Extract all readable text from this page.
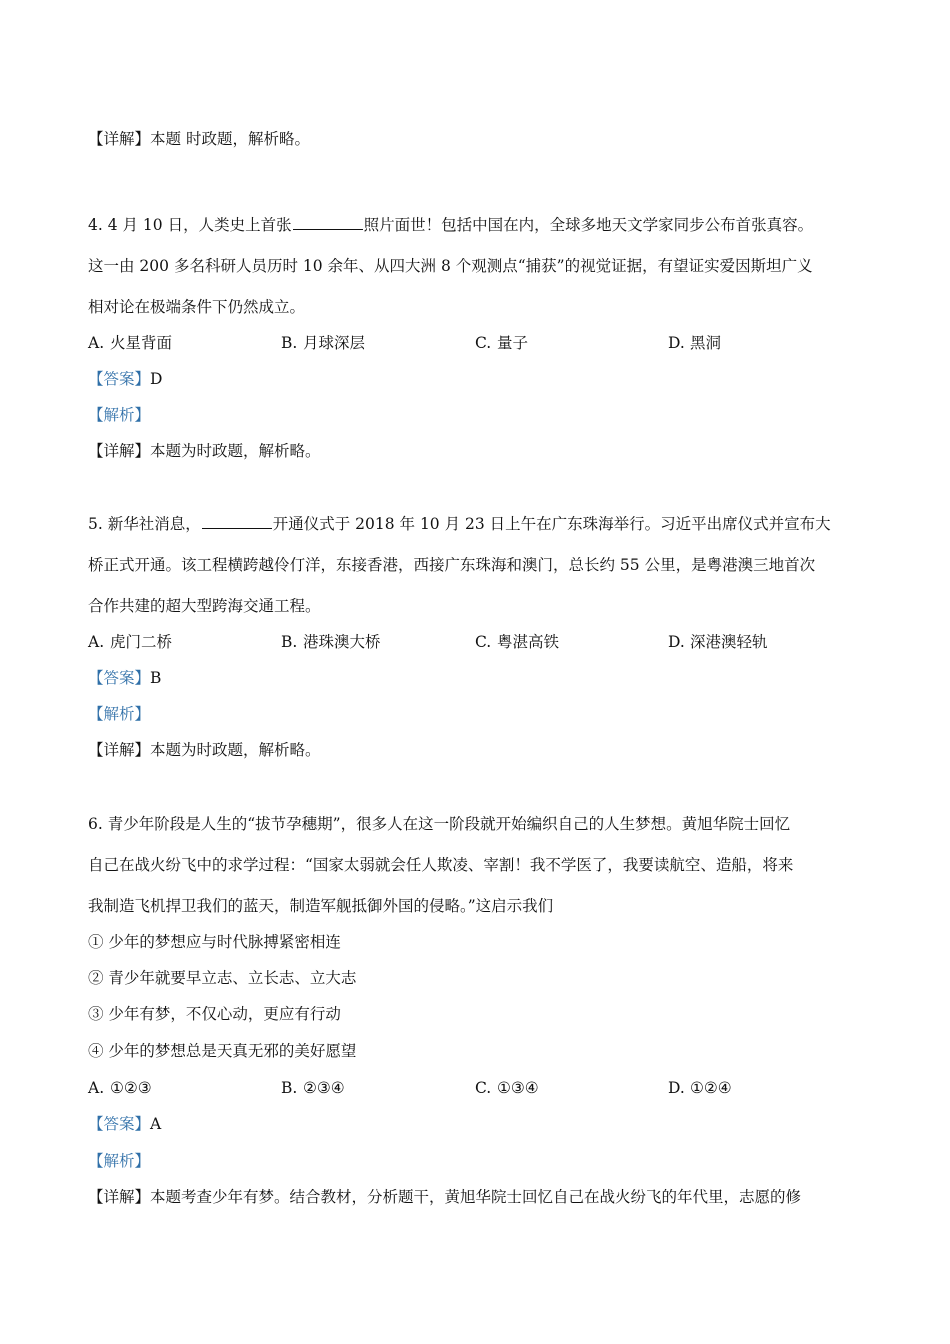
【详解】本题 时政题，解析略。
4. 4 月 10 日，人类史上首张	照片面世！包括中国在内，全球多地天文学家同步公布首张真容。
这一由 200 多名科研人员历时 10 余年、从四大洲 8 个观测点“捕获”的视觉证据，有望证实爱因斯坦广义
相对论在极端条件下仍然成立。
A. 火星背面	B. 月球深层	C. 量子	D. 黑洞
【答案】D
【解析】
【详解】本题为时政题，解析略。
5. 新华社消息，	开通仪式于 2018 年 10 月 23 日上午在广东珠海举行。习近平出席仪式并宣布大
桥正式开通。该工程横跨越伶仃洋，东接香港，西接广东珠海和澳门，总长约 55 公里，是粤港澳三地首次
合作共建的超大型跨海交通工程。
A. 虎门二桥	B. 港珠澳大桥	C. 粤湛高铁	D. 深港澳轻轨
【答案】B
【解析】
【详解】本题为时政题，解析略。
6. 青少年阶段是人生的“拔节孕穗期”，很多人在这一阶段就开始编织自己的人生梦想。黄旭华院士回忆
自己在战火纷飞中的求学过程：“国家太弱就会任人欺凌、宰割！我不学医了，我要读航空、造船，将来
我制造飞机捍卫我们的蓝天，制造军舰抵御外国的侵略。”这启示我们
① 少年的梦想应与时代脉搏紧密相连
② 青少年就要早立志、立长志、立大志
③ 少年有梦，不仅心动，更应有行动
④ 少年的梦想总是天真无邪的美好愿望
A. ①②③	B. ②③④	C. ①③④	D. ①②④
【答案】A
【解析】
【详解】本题考查少年有梦。结合教材，分析题干，黄旭华院士回忆自己在战火纷飞的年代里，志愿的修
